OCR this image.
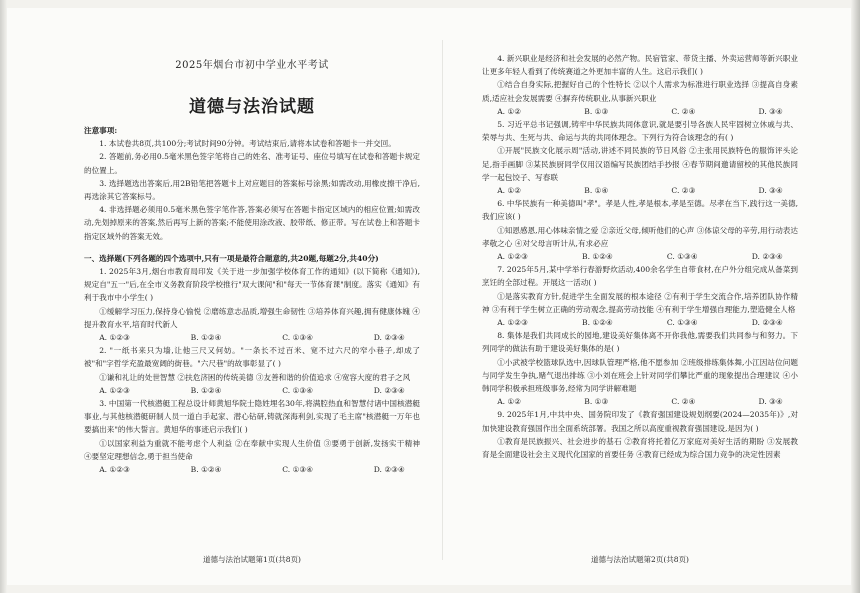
2025年烟台市初中学业水平考试
道德与法治试题

注意事项:

1. 本试卷共8页,共100分;考试时间90分钟。考试结束后,请将本试卷和答题卡一并交回。

2. 答题前,务必用0.5毫米黑色签字笔将自己的姓名、准考证号、座位号填写在试卷和答题卡规定的位置上。

3. 选择题选出答案后,用2B铅笔把答题卡上对应题目的答案标号涂黑;如需改动,用橡皮擦干净后,再选涂其它答案标号。

4. 非选择题必须用0.5毫米黑色签字笔作答,答案必须写在答题卡指定区域内的相应位置;如需改动,先划掉原来的答案,然后再写上新的答案;不能使用涂改液、胶带纸、修正带。写在试卷上和答题卡指定区域外的答案无效。

一、选择题(下列各题的四个选项中,只有一项是最符合题意的,共20题,每题2分,共40分)

1. 2025年3月,烟台市教育局印发《关于进一步加强学校体育工作的通知》(以下简称《通知》),规定自"五一"后,在全市义务教育阶段学校推行"双大课间"和"每天一节体育课"制度。落实《通知》有利于我市中小学生( )

①缓解学习压力,保持身心愉悦 ②磨练意志品质,增强生命韧性 ③培养体育兴趣,拥有健康体魄 ④提升教育水平,培育时代新人

A. ①②③	B. ①②④	C. ①③④	D. ②③④

2. "一纸书来只为墙,让他三尺又何妨。"一条长不过百米、宽不过六尺的窄小巷子,却成了被"和"字哲学充盈最宽阔的街巷。"六尺巷"的故事彰显了( )

①谦和礼让的处世智慧 ②扶危济困的传统美德 ③友善和谐的价值追求 ④宽容大度的君子之风

A. ①②③	B. ①②④	C. ①③④	D. ②③④

3. 中国第一代核潜艇工程总设计师黄旭华院士隐姓埋名30年,将满腔热血和智慧付诸中国核潜艇事业,与其他核潜艇研制人员一道白手起家、潜心钻研,铸就深海利剑,实现了毛主席"核潜艇一万年也要搞出来"的伟大誓言。黄旭华的事迹启示我们( )

①以国家利益为重就不能考虑个人利益 ②在奉献中实现人生价值 ③要勇于创新,发扬实干精神 ④要坚定理想信念,勇于担当使命

A. ①②③	B. ①②④	C. ①③④	D. ②③④
道德与法治试题第1页(共8页)

4. 新兴职业是经济和社会发展的必然产物。民宿管家、带货主播、外卖运营师等新兴职业让更多年轻人看到了传统赛道之外更加丰富的人生。这启示我们( )

①结合自身实际,把握好自己的个性特长 ②以个人需求为标准进行职业选择 ③提高自身素质,适应社会发展需要 ④摒弃传统职业,从事新兴职业

A. ①②	B. ①③	C. ②④	D. ③④

5. 习近平总书记强调,铸牢中华民族共同体意识,就是要引导各族人民牢固树立休戚与共、荣辱与共、生死与共、命运与共的共同体理念。下列行为符合该理念的有( )

①开展"民族文化展示周"活动,讲述不同民族的节日风俗 ②主张用民族特色的服饰评头论足,指手画脚 ③某民族厨同学仅用汉语编写民族团结手抄报 ④春节期间邀请留校的其他民族同学一起包饺子、写春联

A. ①②	B. ①④	C. ②③	D. ③④

6. 中华民族有一种美德叫"孝"。孝是人性,孝是根本,孝是至德。尽孝在当下,践行这一美德,我们应该( )

①知恩感恩,用心体味亲情之爱 ②亲近父母,倾听他们的心声 ③体谅父母的辛劳,用行动表达孝敬之心 ④对父母言听计从,有求必应

A. ①②③	B. ①②④	C. ①③④	D. ②③④

7. 2025年5月,某中学举行春游野炊活动,400余名学生自带食材,在户外分组完成从备菜到烹饪的全部过程。开展这一活动( )

①是落实教育方针,促进学生全面发展的根本途径 ②有利于学生交流合作,培养团队协作精神 ③有利于学生树立正确的劳动观念,提高劳动技能 ④有利于学生增强自理能力,塑造健全人格

A. ①②③	B. ①②④	C. ①③④	D. ②③④

8. 集体是我们共同成长的园地,建设美好集体离不开你我他,需要我们共同参与和努力。下列同学的做法有助于建设美好集体的是( )

①小武被学校篮球队选中,因球队管理严格,他不愿参加 ②班级排练集体舞,小江因站位问题与同学发生争执,赌气退出排练 ③小刘在班会上针对同学们攀比严重的现象提出合理建议 ④小韩同学积极承担班级事务,经常为同学讲解难题

A. ①②	B. ①③	C. ②④	D. ③④

9. 2025年1月,中共中央、国务院印发了《教育强国建设规划纲要(2024—2035年)》,对加快建设教育强国作出全面系统部署。我国之所以高度重视教育强国建设,是因为( )

①教育是民族振兴、社会进步的基石 ②教育将托着亿万家庭对美好生活的期盼 ③发展教育是全面建设社会主义现代化国家的首要任务 ④教育已经成为综合国力竞争的决定性因素

道德与法治试题第2页(共8页)
